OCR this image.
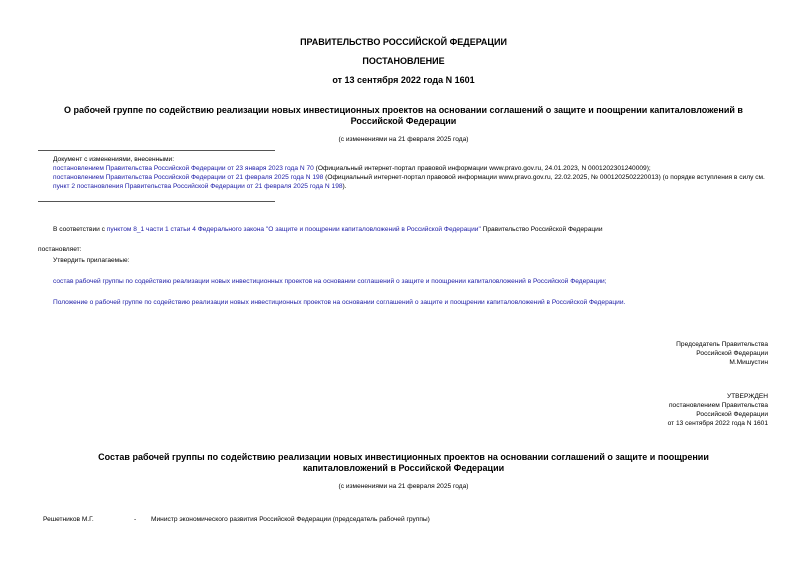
ПРАВИТЕЛЬСТВО РОССИЙСКОЙ ФЕДЕРАЦИИ
ПОСТАНОВЛЕНИЕ
от 13 сентября 2022 года N 1601
О рабочей группе по содействию реализации новых инвестиционных проектов на основании соглашений о защите и поощрении капиталовложений в Российской Федерации
(с изменениями на 21 февраля 2025 года)
Документ с изменениями, внесенными:
постановлением Правительства Российской Федерации от 23 января 2023 года N 70 (Официальный интернет-портал правовой информации www.pravo.gov.ru, 24.01.2023, N 0001202301240009);
постановлением Правительства Российской Федерации от 21 февраля 2025 года N 198 (Официальный интернет-портал правовой информации www.pravo.gov.ru, 22.02.2025, № 0001202502220013) (о порядке вступления в силу см. пункт 2 постановления Правительства Российской Федерации от 21 февраля 2025 года N 198).
В соответствии с пунктом 8_1 части 1 статьи 4 Федерального закона "О защите и поощрении капиталовложений в Российской Федерации" Правительство Российской Федерации
постановляет:
Утвердить прилагаемые:
состав рабочей группы по содействию реализации новых инвестиционных проектов на основании соглашений о защите и поощрении капиталовложений в Российской Федерации;
Положение о рабочей группе по содействию реализации новых инвестиционных проектов на основании соглашений о защите и поощрении капиталовложений в Российской Федерации.
Председатель Правительства
Российской Федерации
М.Мишустин
УТВЕРЖДЕН
постановлением Правительства
Российской Федерации
от 13 сентября 2022 года N 1601
Состав рабочей группы по содействию реализации новых инвестиционных проектов на основании соглашений о защите и поощрении капиталовложений в Российской Федерации
(с изменениями на 21 февраля 2025 года)
Решетников М.Г.	- Министр экономического развития Российской Федерации (председатель рабочей группы)
